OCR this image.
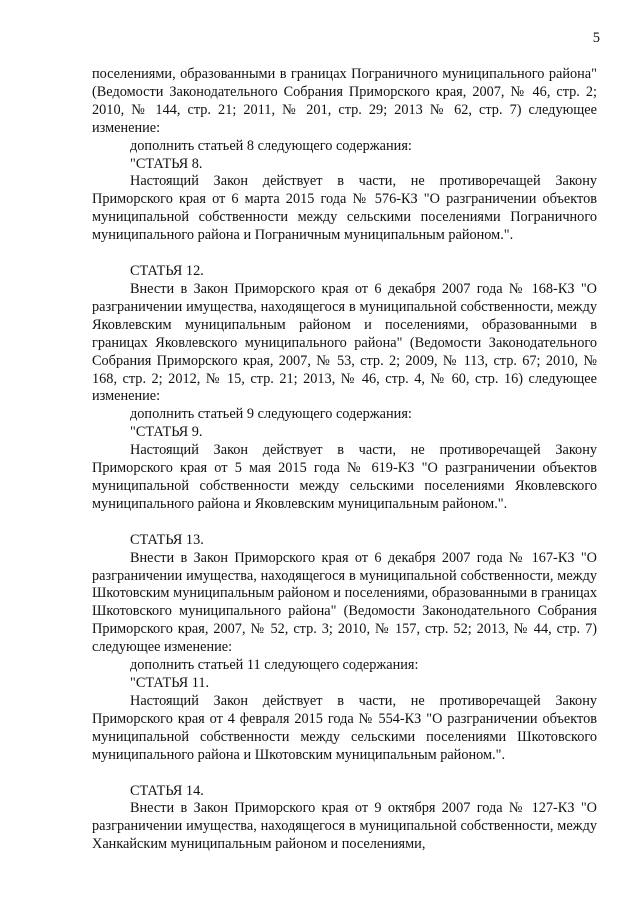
5

поселениями, образованными в границах Пограничного муниципального района" (Ведомости Законодательного Собрания Приморского края, 2007, № 46, стр. 2; 2010, № 144, стр. 21; 2011, № 201, стр. 29; 2013 № 62, стр. 7) следующее изменение:

дополнить статьей 8 следующего содержания:

"СТАТЬЯ 8.

Настоящий Закон действует в части, не противоречащей Закону Приморского края от 6 марта 2015 года № 576-КЗ "О разграничении объектов муниципальной собственности между сельскими поселениями Пограничного муниципального района и Пограничным муниципальным районом.".

СТАТЬЯ 12.

Внести в Закон Приморского края от 6 декабря 2007 года № 168-КЗ "О разграничении имущества, находящегося в муниципальной собственности, между Яковлевским муниципальным районом и поселениями, образованными в границах Яковлевского муниципального района" (Ведомости Законодательного Собрания Приморского края, 2007, № 53, стр. 2; 2009, № 113, стр. 67; 2010, № 168, стр. 2; 2012, № 15, стр. 21; 2013, № 46, стр. 4, № 60, стр. 16) следующее изменение:

дополнить статьей 9 следующего содержания:

"СТАТЬЯ 9.

Настоящий Закон действует в части, не противоречащей Закону Приморского края от 5 мая 2015 года № 619-КЗ "О разграничении объектов муниципальной собственности между сельскими поселениями Яковлевского муниципального района и Яковлевским муниципальным районом.".

СТАТЬЯ 13.

Внести в Закон Приморского края от 6 декабря 2007 года № 167-КЗ "О разграничении имущества, находящегося в муниципальной собственности, между Шкотовским муниципальным районом и поселениями, образованными в границах Шкотовского муниципального района" (Ведомости Законодательного Собрания Приморского края, 2007, № 52, стр. 3; 2010, № 157, стр. 52; 2013, № 44, стр. 7) следующее изменение:

дополнить статьей 11 следующего содержания:

"СТАТЬЯ 11.

Настоящий Закон действует в части, не противоречащей Закону Приморского края от 4 февраля 2015 года № 554-КЗ "О разграничении объектов муниципальной собственности между сельскими поселениями Шкотовского муниципального района и Шкотовским муниципальным районом.".

СТАТЬЯ 14.

Внести в Закон Приморского края от 9 октября 2007 года № 127-КЗ "О разграничении имущества, находящегося в муниципальной собственности, между Ханкайским муниципальным районом и поселениями,
